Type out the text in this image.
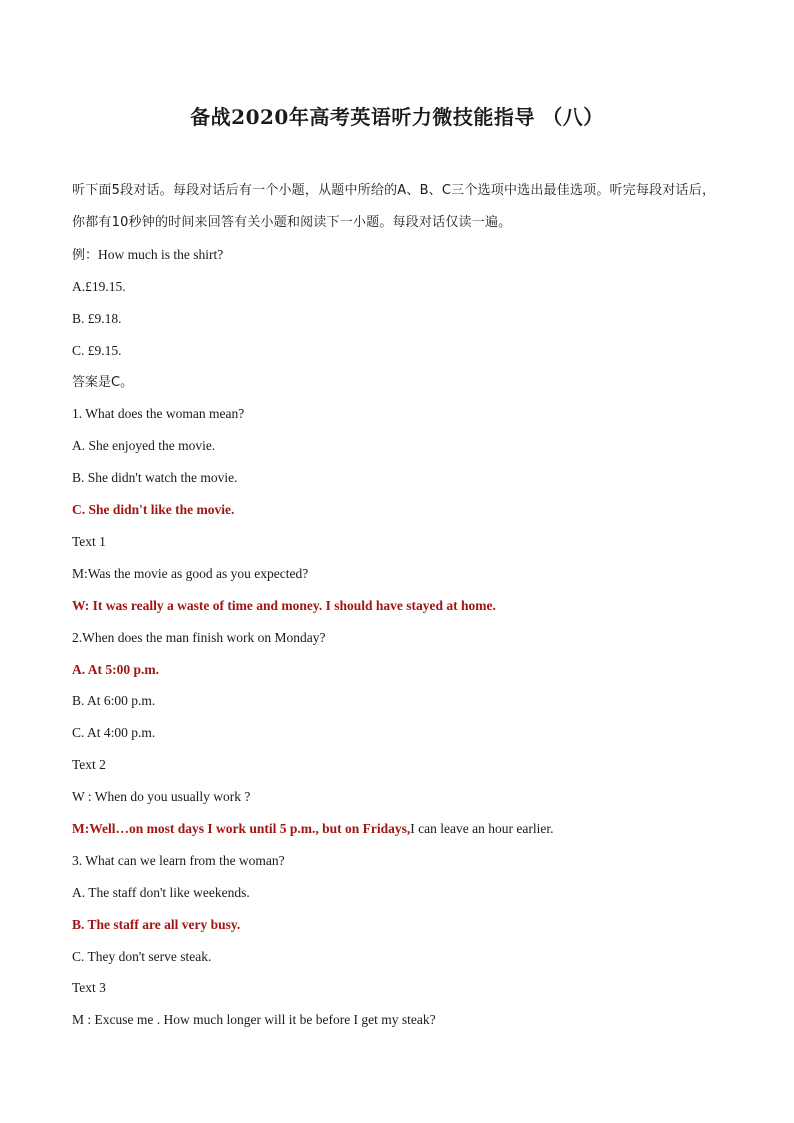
备战2020年高考英语听力微技能指导 （八）

听下面5段对话。每段对话后有一个小题，从题中所给的A、B、C三个选项中选出最佳选项。听完每段对话后，你都有10秒钟的时间来回答有关小题和阅读下一小题。每段对话仅读一遍。

例：How much is the shirt?
A.£19.15.
B. £9.18.
C. £9.15.
答案是C。
1. What does the woman mean?
A. She enjoyed the movie.
B. She didn't watch the movie.
C. She didn't like the movie.
Text 1
M:Was the movie as good as you expected?
W: It was really a waste of time and money. I should have stayed at home.
2.When does the man finish work on Monday?
A. At 5:00 p.m.
B. At 6:00 p.m.
C. At 4:00 p.m.
Text 2
W : When do you usually work ?
M:Well…on most days I work until 5 p.m., but on Fridays,I can leave an hour earlier.
3. What can we learn from the woman?
A. The staff don't like weekends.
B. The staff are all very busy.
C. They don't serve steak.
Text 3
M : Excuse me . How much longer will it be before I get my steak?
